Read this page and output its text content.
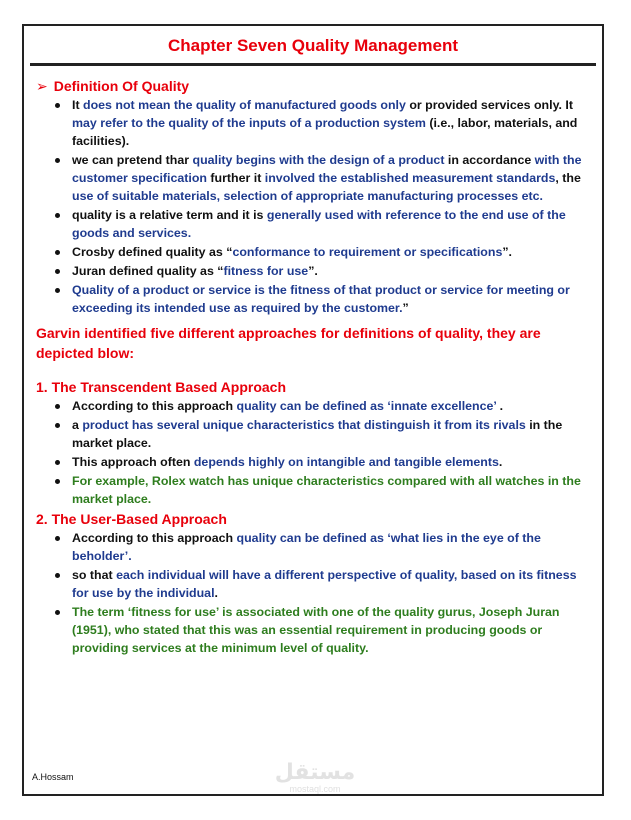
Chapter Seven Quality Management
➢ Definition Of Quality
It does not mean the quality of manufactured goods only or provided services only. It may refer to the quality of the inputs of a production system (i.e., labor, materials, and facilities).
we can pretend thar quality begins with the design of a product in accordance with the customer specification further it involved the established measurement standards, the use of suitable materials, selection of appropriate manufacturing processes etc.
quality is a relative term and it is generally used with reference to the end use of the goods and services.
Crosby defined quality as “conformance to requirement or specifications”.
Juran defined quality as “fitness for use”.
Quality of a product or service is the fitness of that product or service for meeting or exceeding its intended use as required by the customer.”
Garvin identified five different approaches for definitions of quality, they are depicted blow:
1. The Transcendent Based Approach
According to this approach quality can be defined as ‘innate excellence’ .
a product has several unique characteristics that distinguish it from its rivals in the market place.
This approach often depends highly on intangible and tangible elements.
For example, Rolex watch has unique characteristics compared with all watches in the market place.
2. The User-Based Approach
According to this approach quality can be defined as ‘what lies in the eye of the beholder’.
so that each individual will have a different perspective of quality, based on its fitness for use by the individual.
The term ‘fitness for use’ is associated with one of the quality gurus, Joseph Juran (1951), who stated that this was an essential requirement in producing goods or providing services at the minimum level of quality.
A.Hossam	مستقل
mostaql.com
